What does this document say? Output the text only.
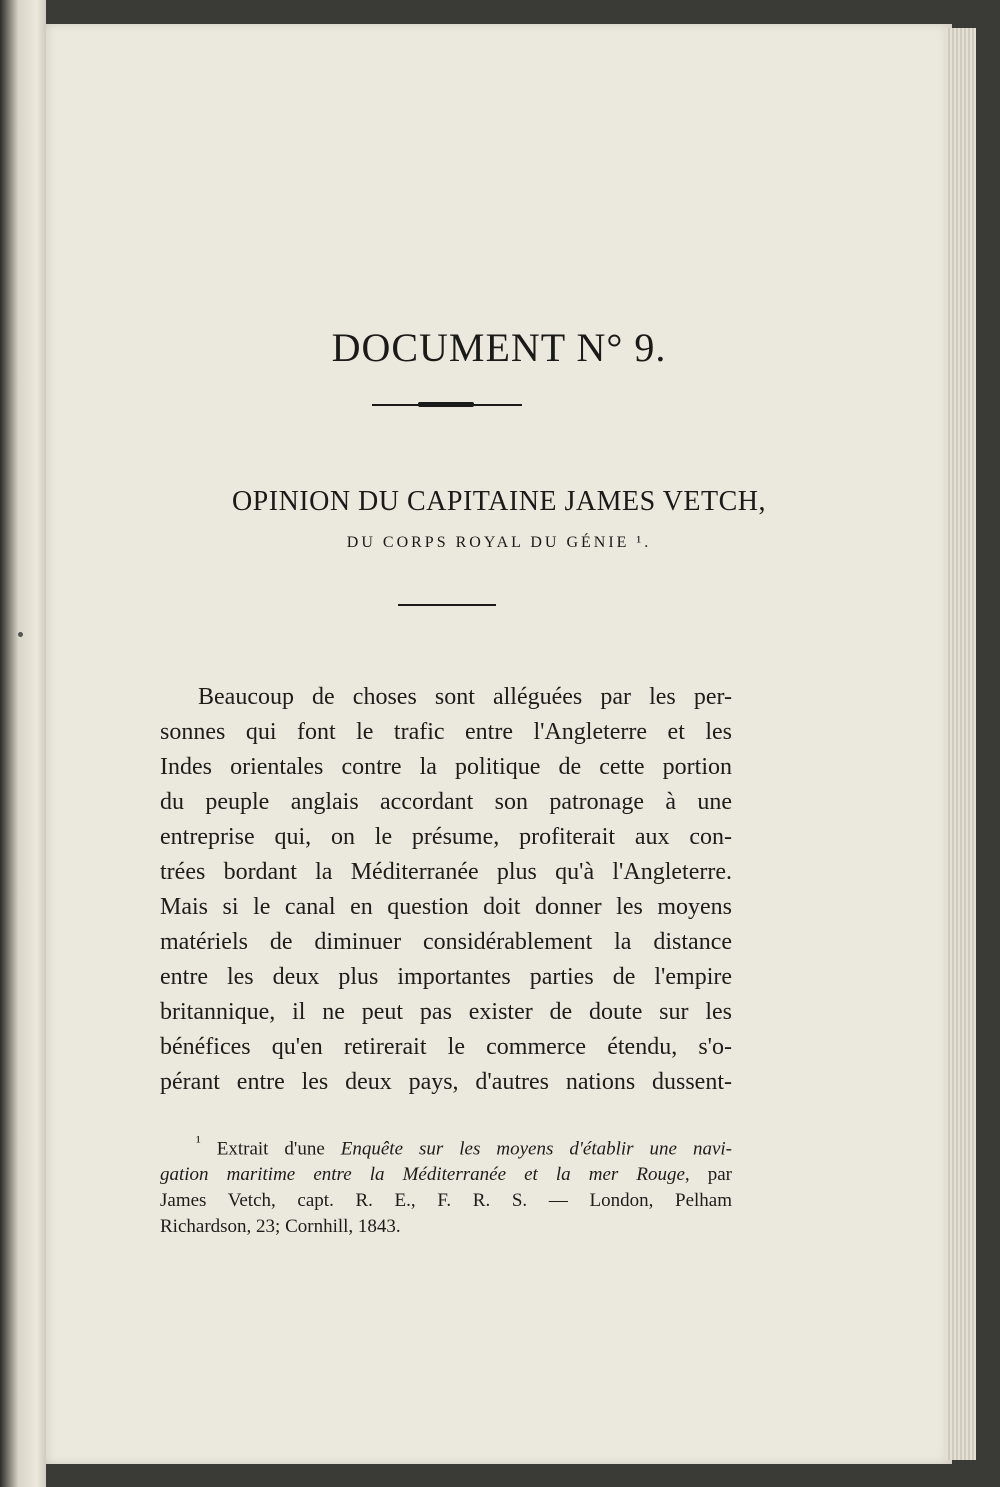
DOCUMENT N° 9.
OPINION DU CAPITAINE JAMES VETCH,
DU CORPS ROYAL DU GÉNIE ¹.
Beaucoup de choses sont alléguées par les per-
sonnes qui font le trafic entre l'Angleterre et les
Indes orientales contre la politique de cette portion
du peuple anglais accordant son patronage à une
entreprise qui, on le présume, profiterait aux con-
trées bordant la Méditerranée plus qu'à l'Angleterre.
Mais si le canal en question doit donner les moyens
matériels de diminuer considérablement la distance
entre les deux plus importantes parties de l'empire
britannique, il ne peut pas exister de doute sur les
bénéfices qu'en retirerait le commerce étendu, s'o-
pérant entre les deux pays, d'autres nations dussent-
$^{^1}$ Extrait d'une Enquête sur les moyens d'établir une navi-
gation maritime entre la Méditerranée et la mer Rouge, par
James Vetch, capt. R. E., F. R. S. — London, Pelham
Richardson, 23; Cornhill, 1843.
